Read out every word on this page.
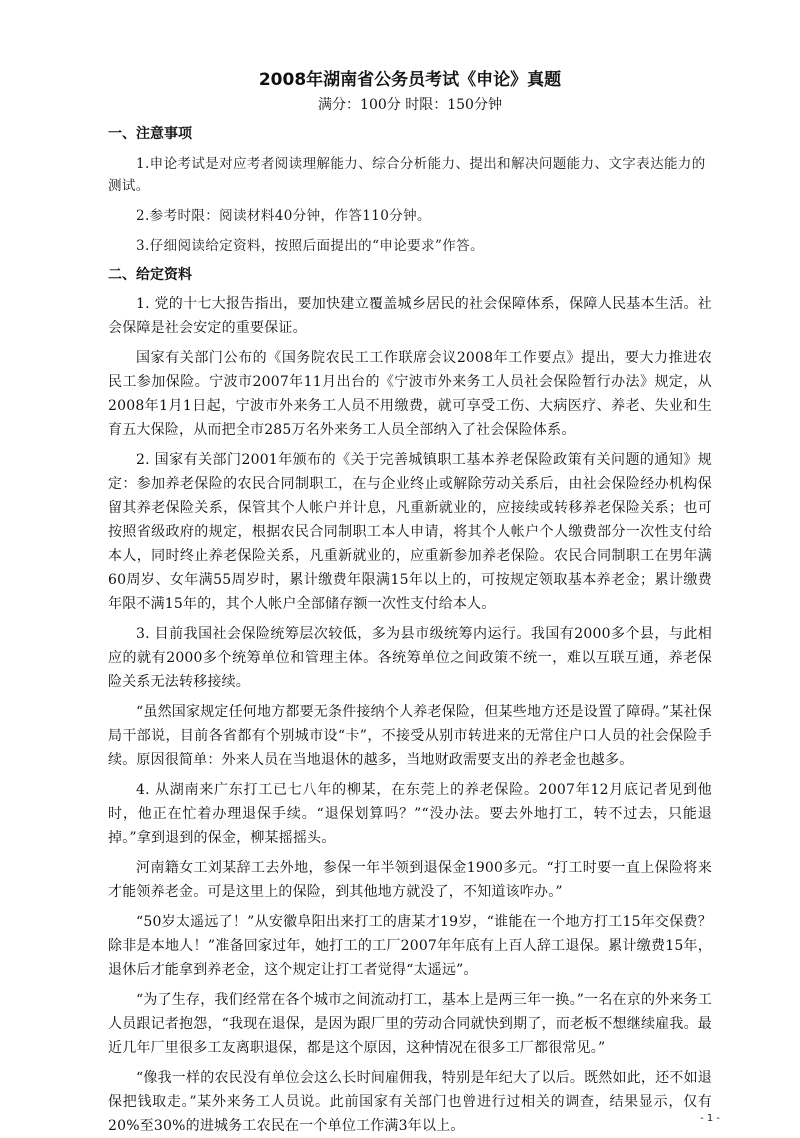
2008年湖南省公务员考试《申论》真题
满分：100分 时限：150分钟
一、注意事项

1.申论考试是对应考者阅读理解能力、综合分析能力、提出和解决问题能力、文字表达能力的测试。

2.参考时限：阅读材料40分钟，作答110分钟。

3.仔细阅读给定资料，按照后面提出的“申论要求”作答。

二、给定资料

1. 党的十七大报告指出，要加快建立覆盖城乡居民的社会保障体系，保障人民基本生活。社会保障是社会安定的重要保证。

国家有关部门公布的《国务院农民工工作联席会议2008年工作要点》提出，要大力推进农民工参加保险。宁波市2007年11月出台的《宁波市外来务工人员社会保险暂行办法》规定，从2008年1月1日起，宁波市外来务工人员不用缴费，就可享受工伤、大病医疗、养老、失业和生育五大保险，从而把全市285万名外来务工人员全部纳入了社会保险体系。

2. 国家有关部门2001年颁布的《关于完善城镇职工基本养老保险政策有关问题的通知》规定：参加养老保险的农民合同制职工，在与企业终止或解除劳动关系后，由社会保险经办机构保留其养老保险关系，保管其个人帐户并计息，凡重新就业的，应接续或转移养老保险关系；也可按照省级政府的规定，根据农民合同制职工本人申请，将其个人帐户个人缴费部分一次性支付给本人，同时终止养老保险关系，凡重新就业的，应重新参加养老保险。农民合同制职工在男年满60周岁、女年满55周岁时，累计缴费年限满15年以上的，可按规定领取基本养老金；累计缴费年限不满15年的，其个人帐户全部储存额一次性支付给本人。

3. 目前我国社会保险统筹层次较低，多为县市级统筹内运行。我国有2000多个县，与此相应的就有2000多个统筹单位和管理主体。各统筹单位之间政策不统一，难以互联互通，养老保险关系无法转移接续。

“虽然国家规定任何地方都要无条件接纳个人养老保险，但某些地方还是设置了障碍。”某社保局干部说，目前各省都有个别城市设“卡”，不接受从别市转进来的无常住户口人员的社会保险手续。原因很简单：外来人员在当地退休的越多，当地财政需要支出的养老金也越多。

4. 从湖南来广东打工已七八年的柳某，在东莞上的养老保险。2007年12月底记者见到他时，他正在忙着办理退保手续。“退保划算吗？”“没办法。要去外地打工，转不过去，只能退掉。”拿到退到的保金，柳某摇摇头。

河南籍女工刘某辞工去外地，参保一年半领到退保金1900多元。“打工时要一直上保险将来才能领养老金。可是这里上的保险，到其他地方就没了，不知道该咋办。”

“50岁太遥远了！”从安徽阜阳出来打工的唐某才19岁，“谁能在一个地方打工15年交保费？除非是本地人！”准备回家过年，她打工的工厂2007年年底有上百人辞工退保。累计缴费15年，退休后才能拿到养老金，这个规定让打工者觉得“太遥远”。

“为了生存，我们经常在各个城市之间流动打工，基本上是两三年一换。”一名在京的外来务工人员跟记者抱怨，“我现在退保，是因为跟厂里的劳动合同就快到期了，而老板不想继续雇我。最近几年厂里很多工友离职退保，都是这个原因，这种情况在很多工厂都很常见。”

“像我一样的农民没有单位会这么长时间雇佣我，特别是年纪大了以后。既然如此，还不如退保把钱取走。”某外来务工人员说。此前国家有关部门也曾进行过相关的调查，结果显示，仅有20%至30%的进城务工农民在一个单位工作满3年以上。	- 1 -
